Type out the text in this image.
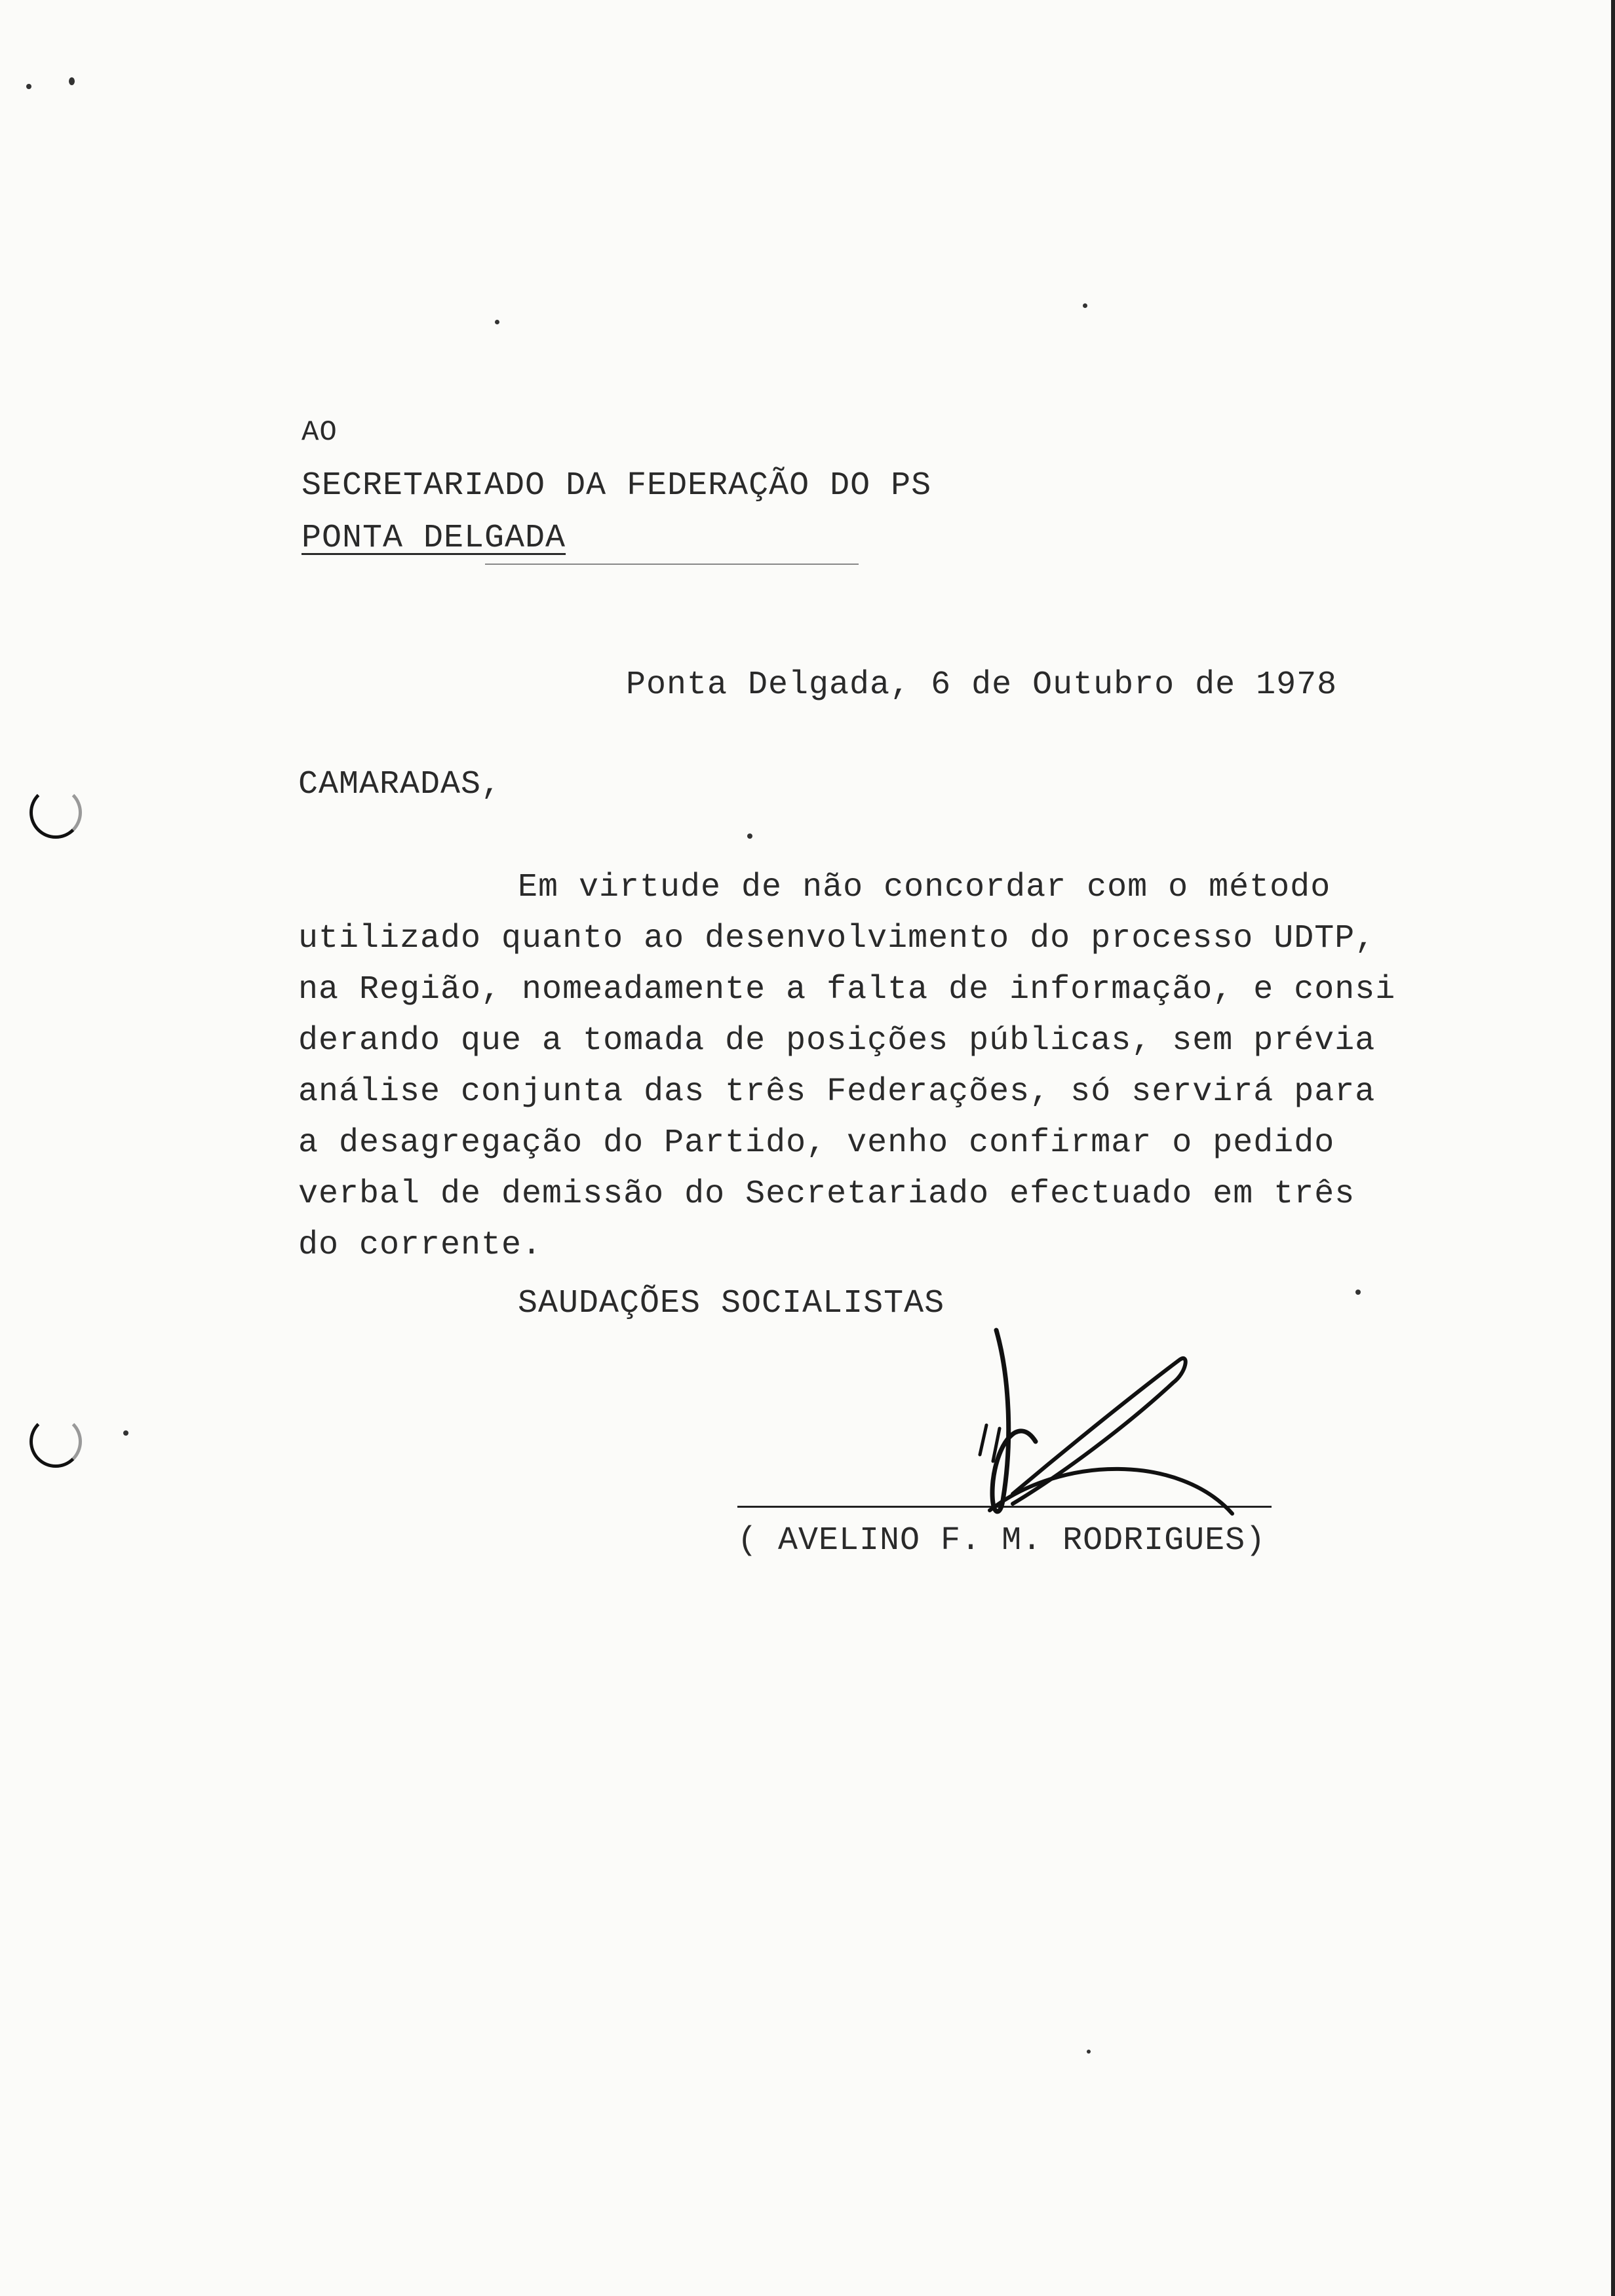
AO
SECRETARIADO DA FEDERAÇÃO DO PS
PONTA DELGADA
Ponta Delgada, 6 de Outubro de 1978
CAMARADAS,
Em virtude de não concordar com o método
utilizado quanto ao desenvolvimento do processo UDTP,
na Região, nomeadamente a falta de informação, e consi
derando que a tomada de posições públicas, sem prévia
análise conjunta das três Federações, só servirá para
a desagregação do Partido, venho confirmar o pedido
verbal de demissão do Secretariado efectuado em três
do corrente.
SAUDAÇÕES SOCIALISTAS
( AVELINO F. M. RODRIGUES)
